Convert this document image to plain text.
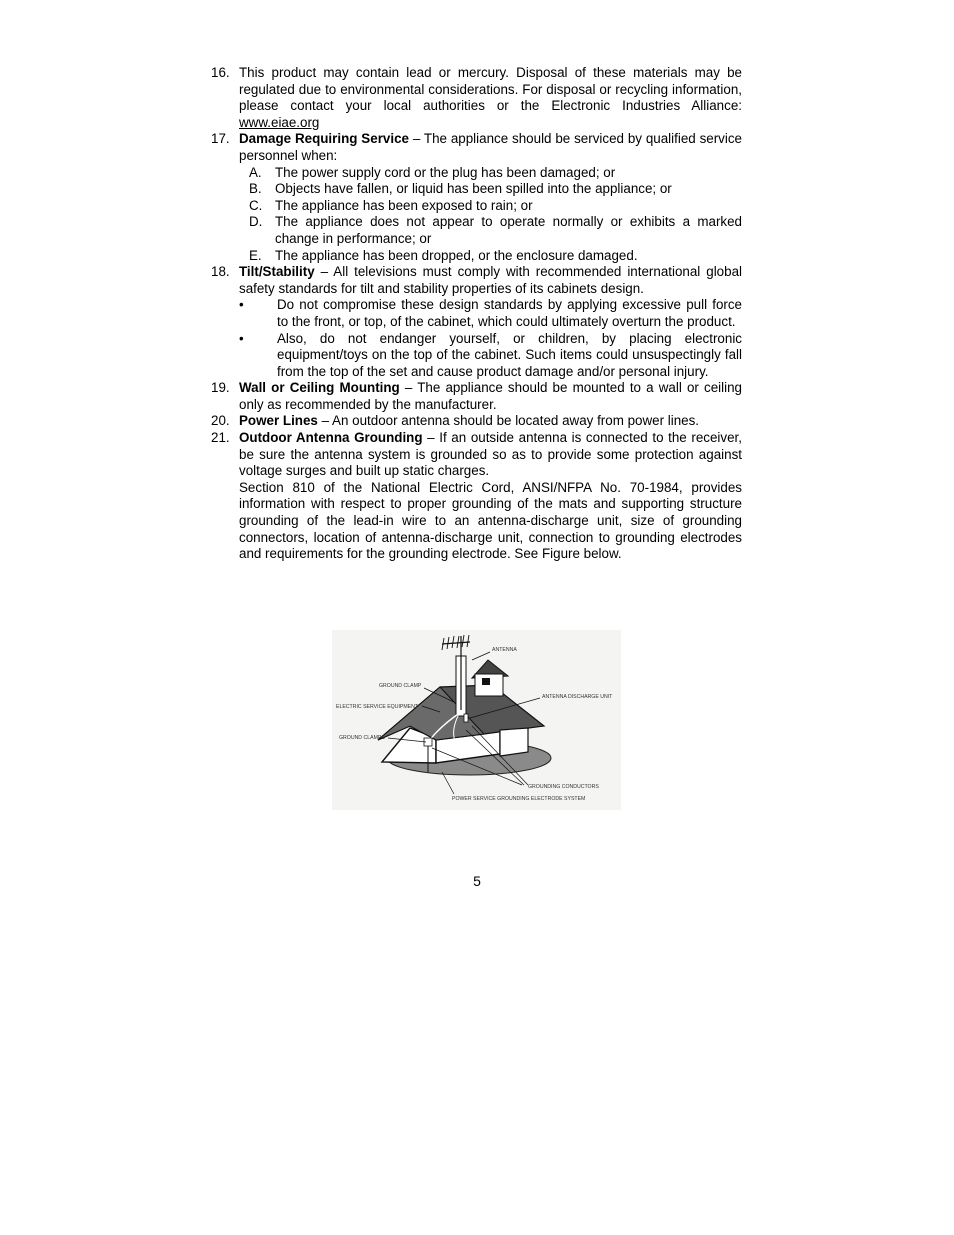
16. This product may contain lead or mercury. Disposal of these materials may be regulated due to environmental considerations. For disposal or recycling information, please contact your local authorities or the Electronic Industries Alliance: www.eiae.org
17. Damage Requiring Service – The appliance should be serviced by qualified service personnel when:
A. The power supply cord or the plug has been damaged; or
B. Objects have fallen, or liquid has been spilled into the appliance; or
C. The appliance has been exposed to rain; or
D. The appliance does not appear to operate normally or exhibits a marked change in performance; or
E. The appliance has been dropped, or the enclosure damaged.
18. Tilt/Stability – All televisions must comply with recommended international global safety standards for tilt and stability properties of its cabinets design.
•	Do not compromise these design standards by applying excessive pull force to the front, or top, of the cabinet, which could ultimately overturn the product.
•	Also, do not endanger yourself, or children, by placing electronic equipment/toys on the top of the cabinet. Such items could unsuspectingly fall from the top of the set and cause product damage and/or personal injury.
19. Wall or Ceiling Mounting – The appliance should be mounted to a wall or ceiling only as recommended by the manufacturer.
20. Power Lines – An outdoor antenna should be located away from power lines.
21. Outdoor Antenna Grounding – If an outside antenna is connected to the receiver, be sure the antenna system is grounded so as to provide some protection against voltage surges and built up static charges.
Section 810 of the National Electric Cord, ANSI/NFPA No. 70-1984, provides information with respect to proper grounding of the mats and supporting structure grounding of the lead-in wire to an antenna-discharge unit, size of grounding connectors, location of antenna-discharge unit, connection to grounding electrodes and requirements for the grounding electrode. See Figure below.
ANTENNA
GROUND CLAMP
ANTENNA DISCHARGE UNIT
ELECTRIC SERVICE EQUIPMENT
GROUND CLAMPS
GROUNDING CONDUCTORS
POWER SERVICE GROUNDING ELECTRODE SYSTEM
5
